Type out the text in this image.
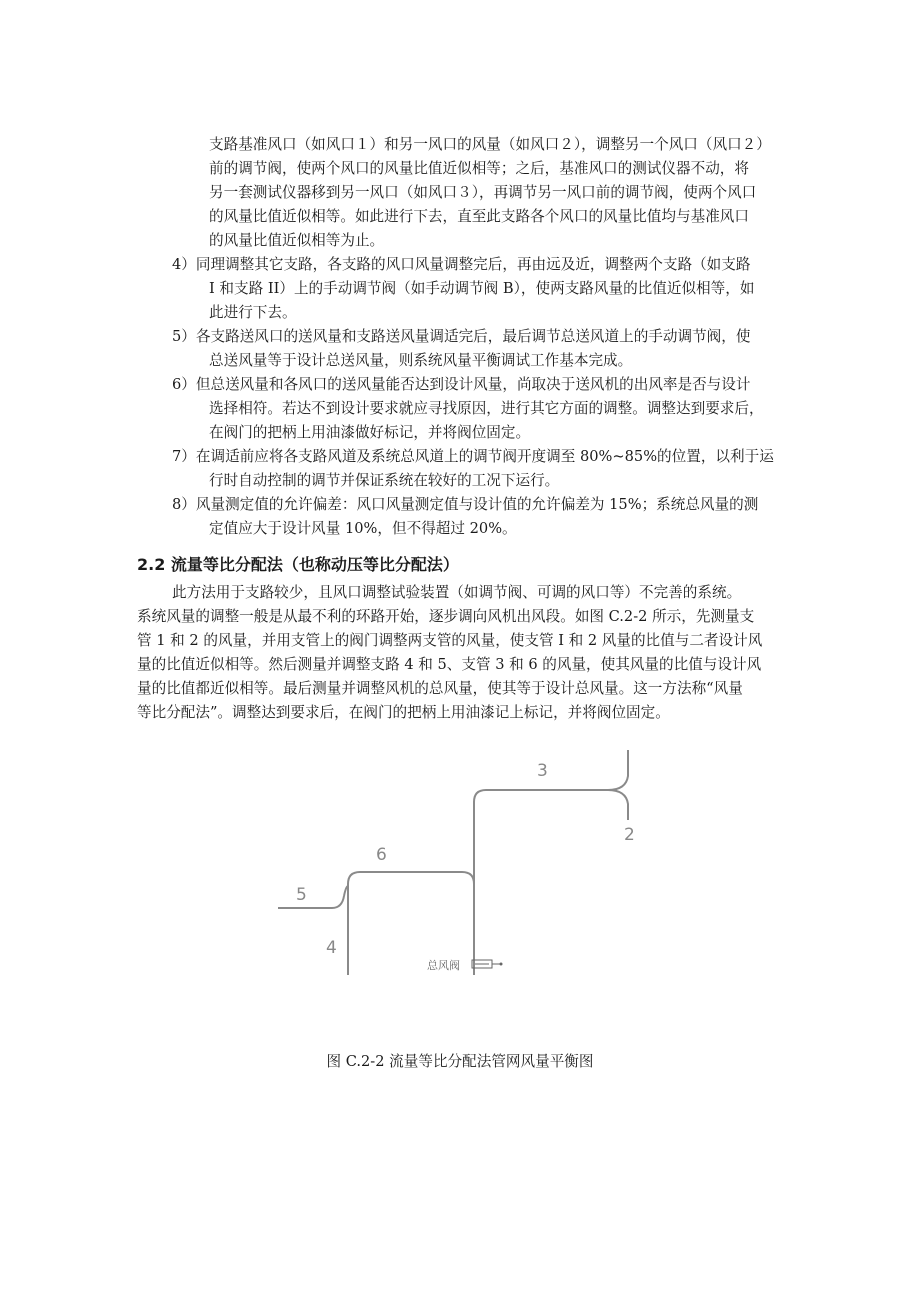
支路基准风口（如风口１）和另一风口的风量（如风口２），调整另一个风口（风口２）
前的调节阀，使两个风口的风量比值近似相等；之后，基准风口的测试仪器不动，将
另一套测试仪器移到另一风口（如风口３），再调节另一风口前的调节阀，使两个风口
的风量比值近似相等。如此进行下去，直至此支路各个风口的风量比值均与基准风口
的风量比值近似相等为止。
4）同理调整其它支路，各支路的风口风量调整完后，再由远及近，调整两个支路（如支路
I 和支路 II）上的手动调节阀（如手动调节阀 B），使两支路风量的比值近似相等，如
此进行下去。
5）各支路送风口的送风量和支路送风量调适完后，最后调节总送风道上的手动调节阀，使
总送风量等于设计总送风量，则系统风量平衡调试工作基本完成。
6）但总送风量和各风口的送风量能否达到设计风量，尚取决于送风机的出风率是否与设计
选择相符。若达不到设计要求就应寻找原因，进行其它方面的调整。调整达到要求后，
在阀门的把柄上用油漆做好标记，并将阀位固定。
7）在调适前应将各支路风道及系统总风道上的调节阀开度调至 80%~85%的位置，以利于运
行时自动控制的调节并保证系统在较好的工况下运行。
8）风量测定值的允许偏差：风口风量测定值与设计值的允许偏差为 15%；系统总风量的测
定值应大于设计风量 10%，但不得超过 20%。
2.2 流量等比分配法（也称动压等比分配法）
此方法用于支路较少，且风口调整试验装置（如调节阀、可调的风口等）不完善的系统。
系统风量的调整一般是从最不利的环路开始，逐步调向风机出风段。如图 C.2-2 所示，先测量支
管 1 和 2 的风量，并用支管上的阀门调整两支管的风量，使支管 I 和 2 风量的比值与二者设计风
量的比值近似相等。然后测量并调整支路 4 和 5、支管 3 和 6 的风量，使其风量的比值与设计风
量的比值都近似相等。最后测量并调整风机的总风量，使其等于设计总风量。这一方法称“风量
等比分配法”。调整达到要求后，在阀门的把柄上用油漆记上标记，并将阀位固定。
总风阀
3
2
6
5
4
图 C.2-2 流量等比分配法管网风量平衡图
